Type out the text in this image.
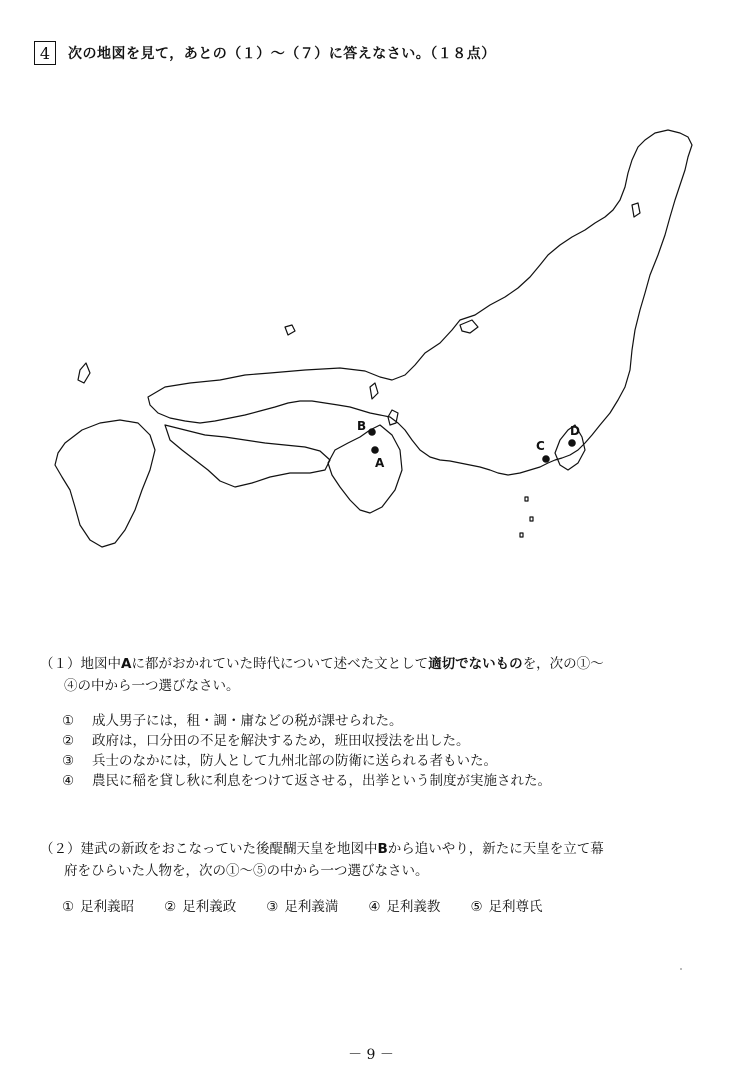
4	次の地図を見て，あとの（１）～（７）に答えなさい。（１８点）
A
B
C
D
（１）地図中Aに都がおかれていた時代について述べた文として適切でないものを，次の①～
④の中から一つ選びなさい。
①	成人男子には，租・調・庸などの税が課せられた。
②	政府は，口分田の不足を解決するため，班田収授法を出した。
③	兵士のなかには，防人として九州北部の防衛に送られる者もいた。
④	農民に稲を貸し秋に利息をつけて返させる，出挙という制度が実施された。
（２）建武の新政をおこなっていた後醍醐天皇を地図中Bから追いやり，新たに天皇を立て幕
府をひらいた人物を，次の①～⑤の中から一つ選びなさい。
① 足利義昭 ② 足利義政 ③ 足利義満 ④ 足利義教 ⑤ 足利尊氏
－ 9 －
